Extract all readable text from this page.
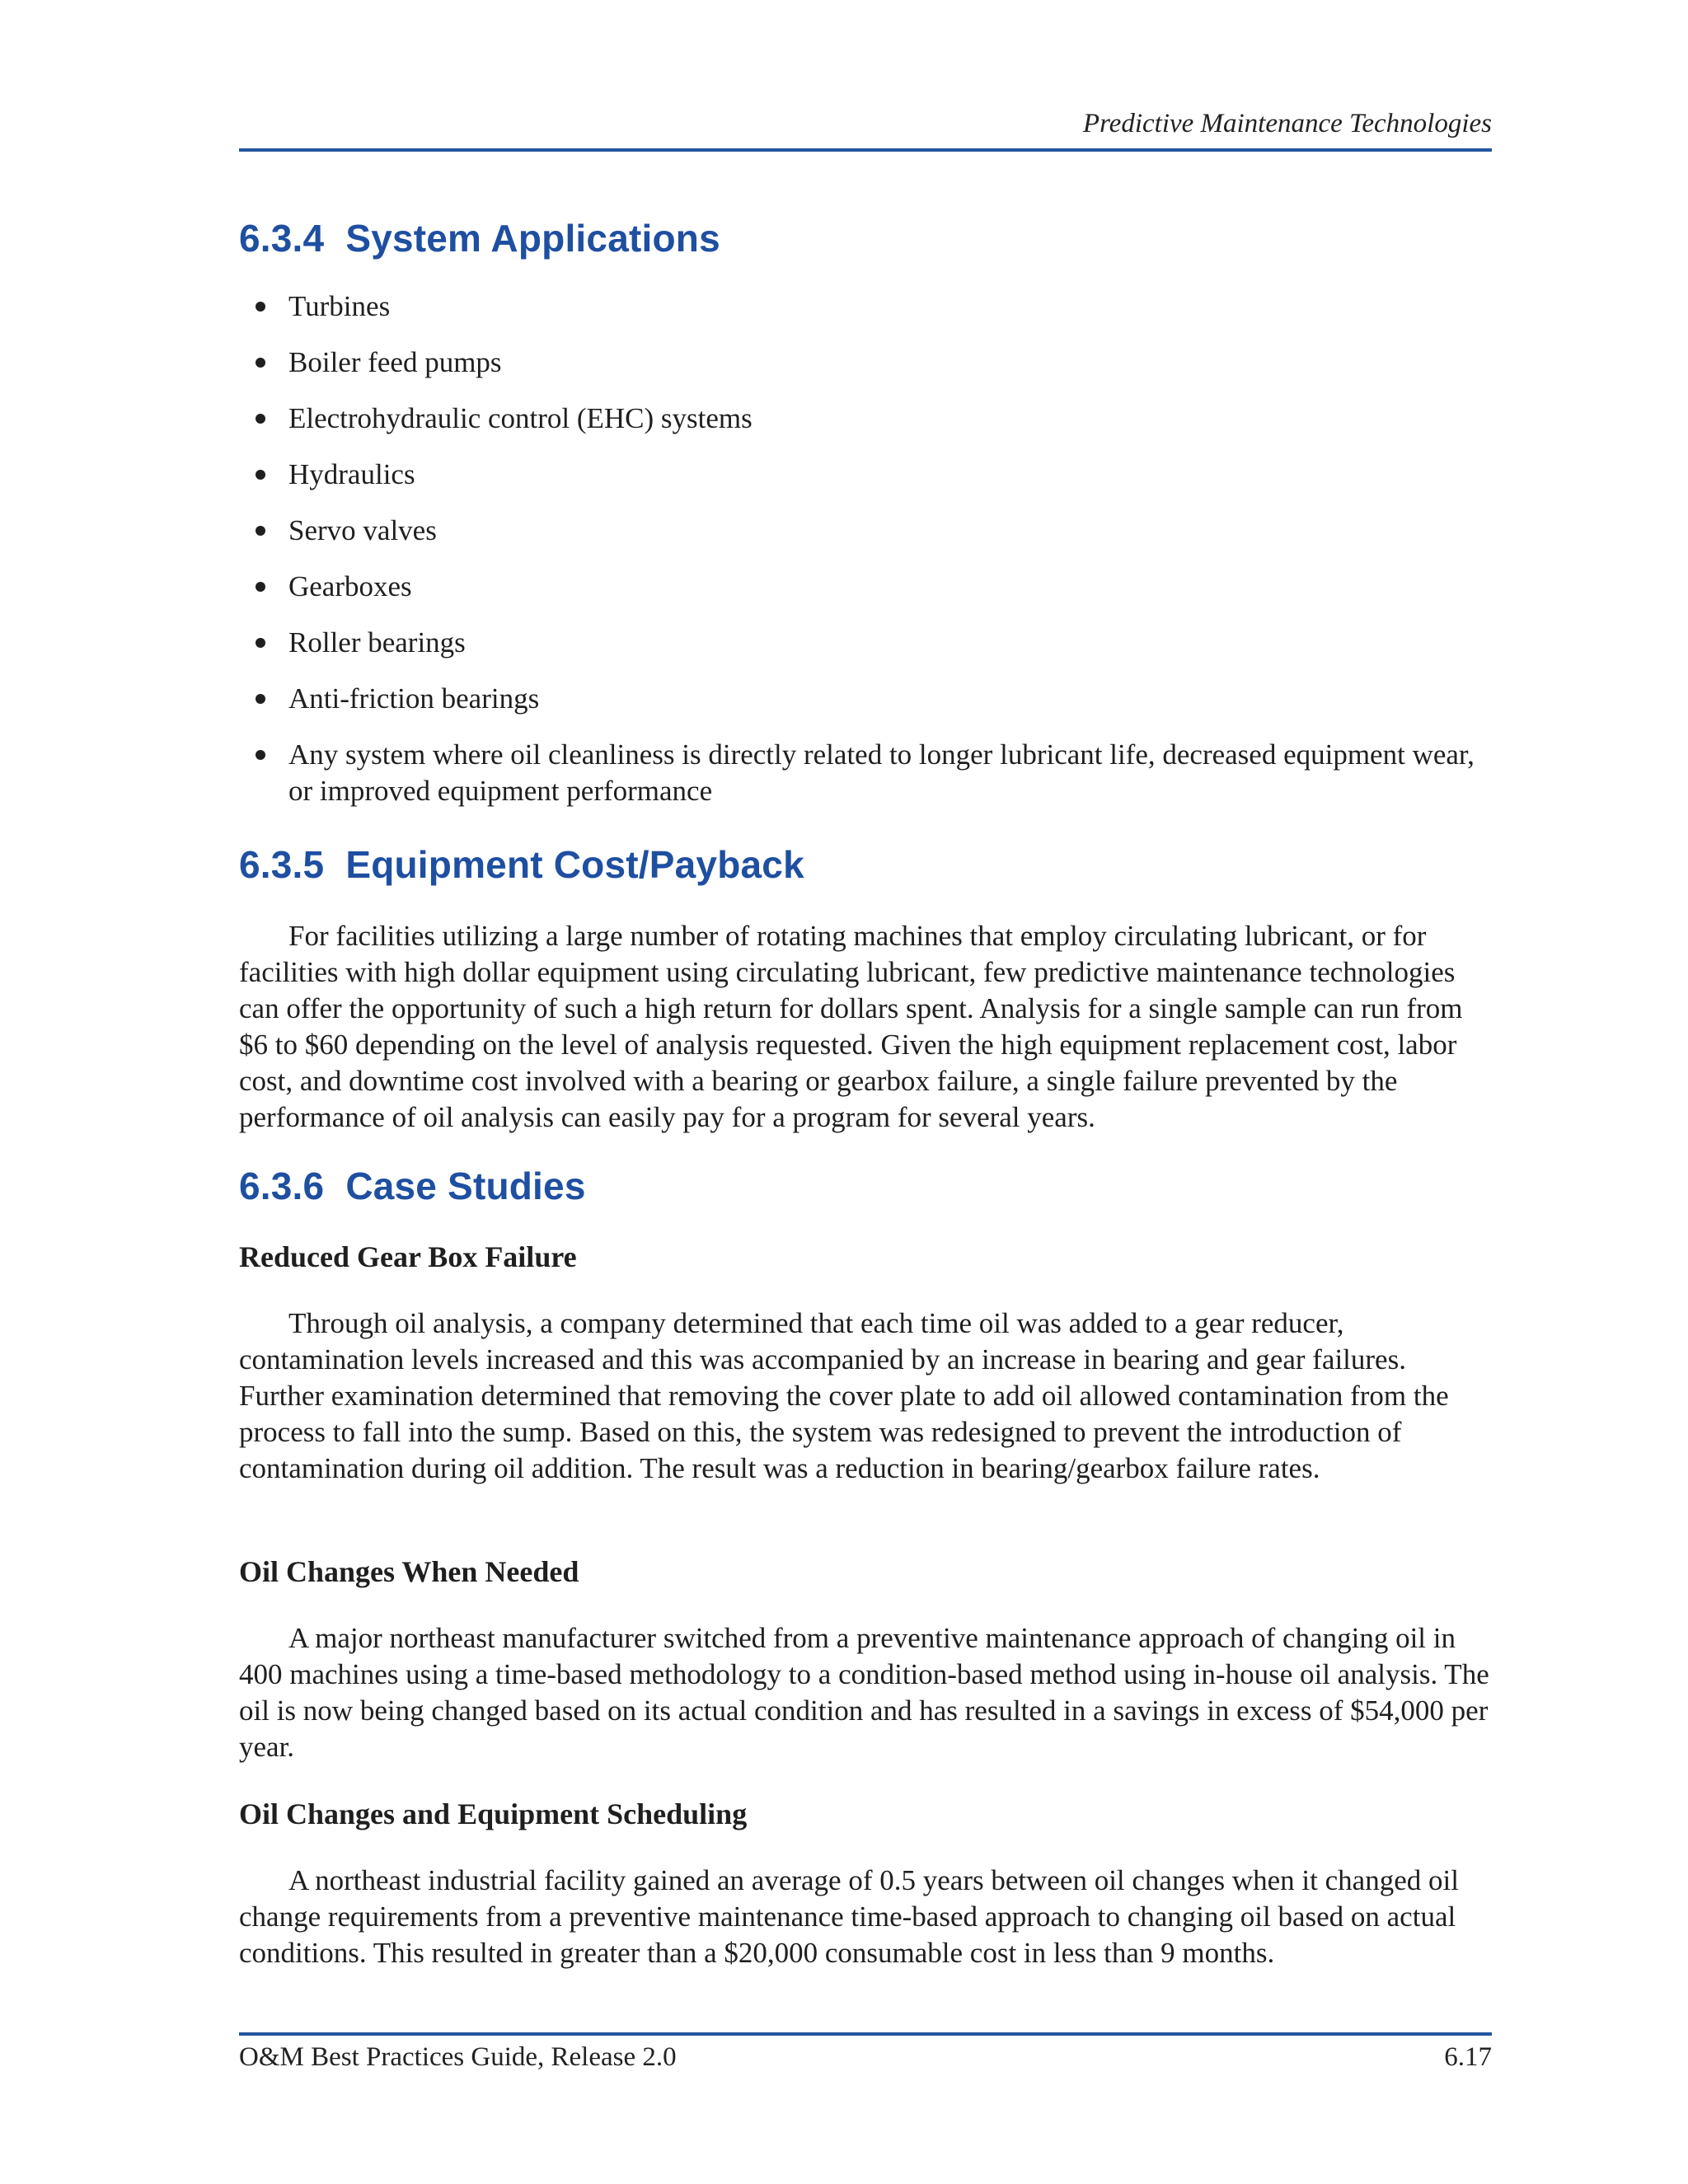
Predictive Maintenance Technologies
6.3.4 System Applications
Turbines
Boiler feed pumps
Electrohydraulic control (EHC) systems
Hydraulics
Servo valves
Gearboxes
Roller bearings
Anti-friction bearings
Any system where oil cleanliness is directly related to longer lubricant life, decreased equipment wear, or improved equipment performance
6.3.5 Equipment Cost/Payback

For facilities utilizing a large number of rotating machines that employ circulating lubricant, or for facilities with high dollar equipment using circulating lubricant, few predictive maintenance technologies can offer the opportunity of such a high return for dollars spent. Analysis for a single sample can run from $6 to $60 depending on the level of analysis requested. Given the high equipment replacement cost, labor cost, and downtime cost involved with a bearing or gearbox failure, a single failure prevented by the performance of oil analysis can easily pay for a program for several years.

6.3.6 Case Studies
Reduced Gear Box Failure

Through oil analysis, a company determined that each time oil was added to a gear reducer, contamination levels increased and this was accompanied by an increase in bearing and gear failures. Further examination determined that removing the cover plate to add oil allowed contamination from the process to fall into the sump. Based on this, the system was redesigned to prevent the introduction of contamination during oil addition. The result was a reduction in bearing/gearbox failure rates.

Oil Changes When Needed

A major northeast manufacturer switched from a preventive maintenance approach of changing oil in 400 machines using a time-based methodology to a condition-based method using in-house oil analysis. The oil is now being changed based on its actual condition and has resulted in a savings in excess of $54,000 per year.

Oil Changes and Equipment Scheduling

A northeast industrial facility gained an average of 0.5 years between oil changes when it changed oil change requirements from a preventive maintenance time-based approach to changing oil based on actual conditions. This resulted in greater than a $20,000 consumable cost in less than 9 months.

O&M Best Practices Guide, Release 2.0	6.17
